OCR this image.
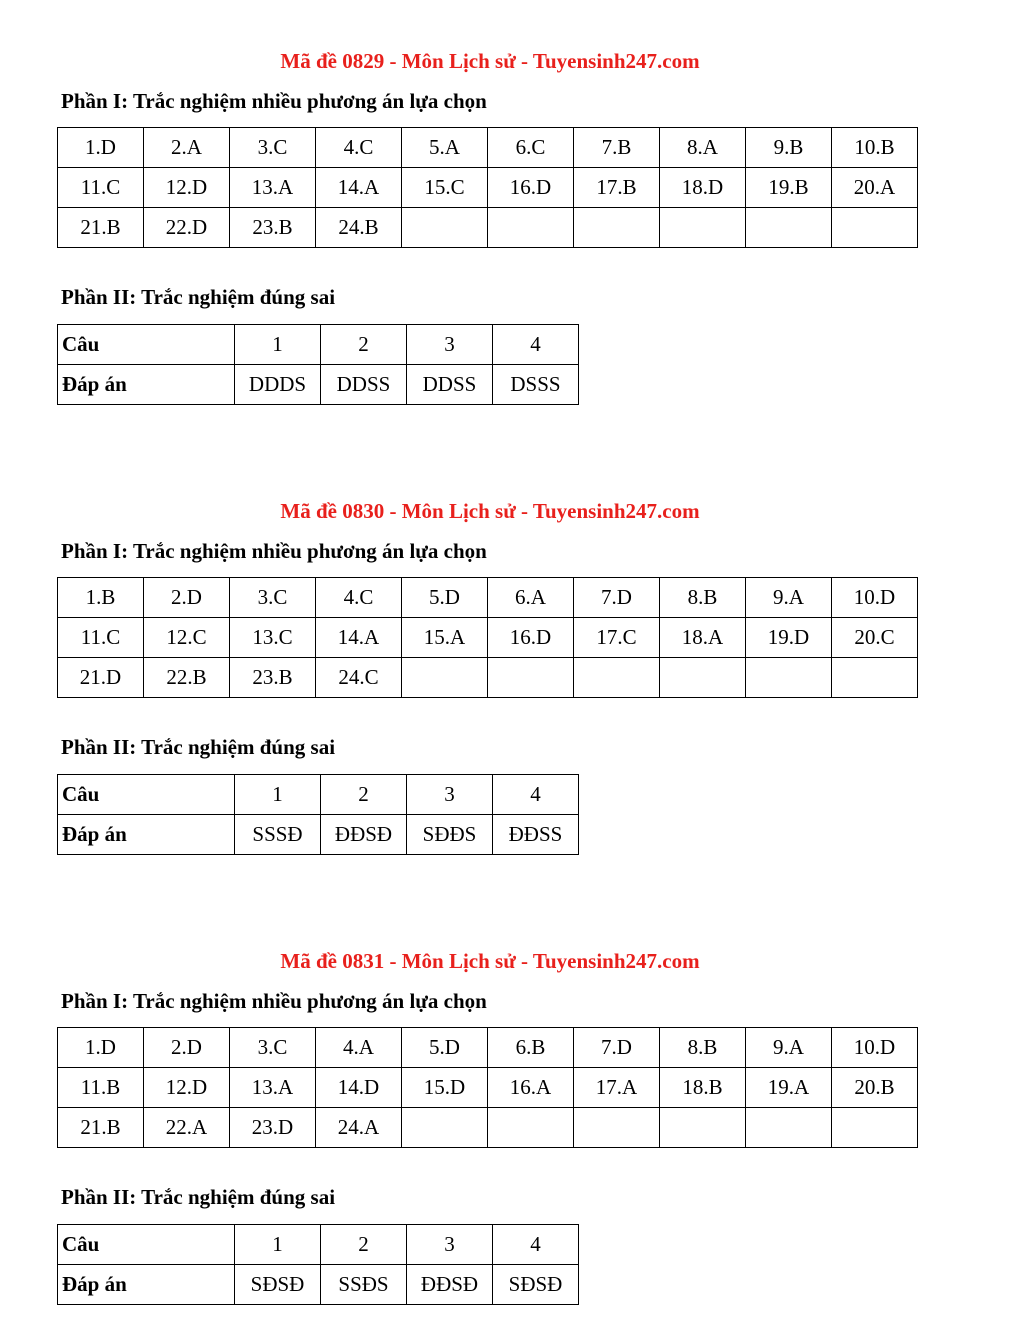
Mã đề 0829 - Môn Lịch sử - Tuyensinh247.com
Phần I: Trắc nghiệm nhiều phương án lựa chọn
1.D	2.A	3.C	4.C	5.A	6.C	7.B	8.A	9.B	10.B
11.C	12.D	13.A	14.A	15.C	16.D	17.B	18.D	19.B	20.A
21.B	22.D	23.B	24.B						
Phần II: Trắc nghiệm đúng sai
Câu	1	2	3	4
Đáp án	DDDS	DDSS	DDSS	DSSS
Mã đề 0830 - Môn Lịch sử - Tuyensinh247.com
Phần I: Trắc nghiệm nhiều phương án lựa chọn
1.B	2.D	3.C	4.C	5.D	6.A	7.D	8.B	9.A	10.D
11.C	12.C	13.C	14.A	15.A	16.D	17.C	18.A	19.D	20.C
21.D	22.B	23.B	24.C						
Phần II: Trắc nghiệm đúng sai
Câu	1	2	3	4
Đáp án	SSSĐ	ĐĐSĐ	SĐĐS	ĐĐSS
Mã đề 0831 - Môn Lịch sử - Tuyensinh247.com
Phần I: Trắc nghiệm nhiều phương án lựa chọn
1.D	2.D	3.C	4.A	5.D	6.B	7.D	8.B	9.A	10.D
11.B	12.D	13.A	14.D	15.D	16.A	17.A	18.B	19.A	20.B
21.B	22.A	23.D	24.A						
Phần II: Trắc nghiệm đúng sai
Câu	1	2	3	4
Đáp án	SĐSĐ	SSĐS	ĐĐSĐ	SĐSĐ
